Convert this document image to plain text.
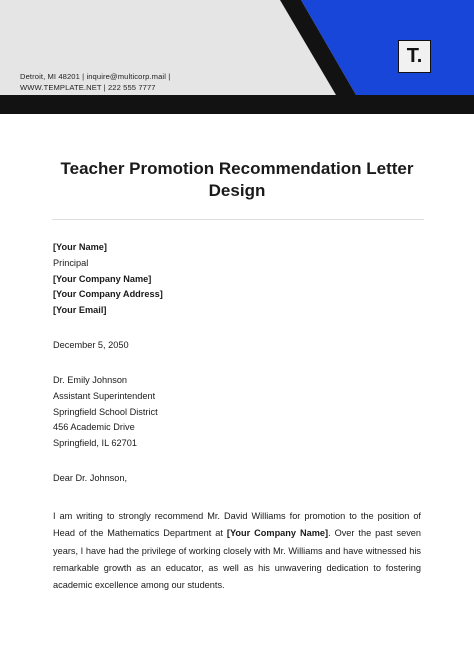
Detroit, MI 48201 | inquire@multicorp.mail |
WWW.TEMPLATE.NET | 222 555 7777
T.
Teacher Promotion Recommendation Letter Design
[Your Name]
Principal
[Your Company Name]
[Your Company Address]
[Your Email]
December 5, 2050
Dr. Emily Johnson
Assistant Superintendent
Springfield School District
456 Academic Drive
Springfield, IL 62701
Dear Dr. Johnson,
I am writing to strongly recommend Mr. David Williams for promotion to the position of Head of the Mathematics Department at [Your Company Name]. Over the past seven years, I have had the privilege of working closely with Mr. Williams and have witnessed his remarkable growth as an educator, as well as his unwavering dedication to fostering academic excellence among our students.
